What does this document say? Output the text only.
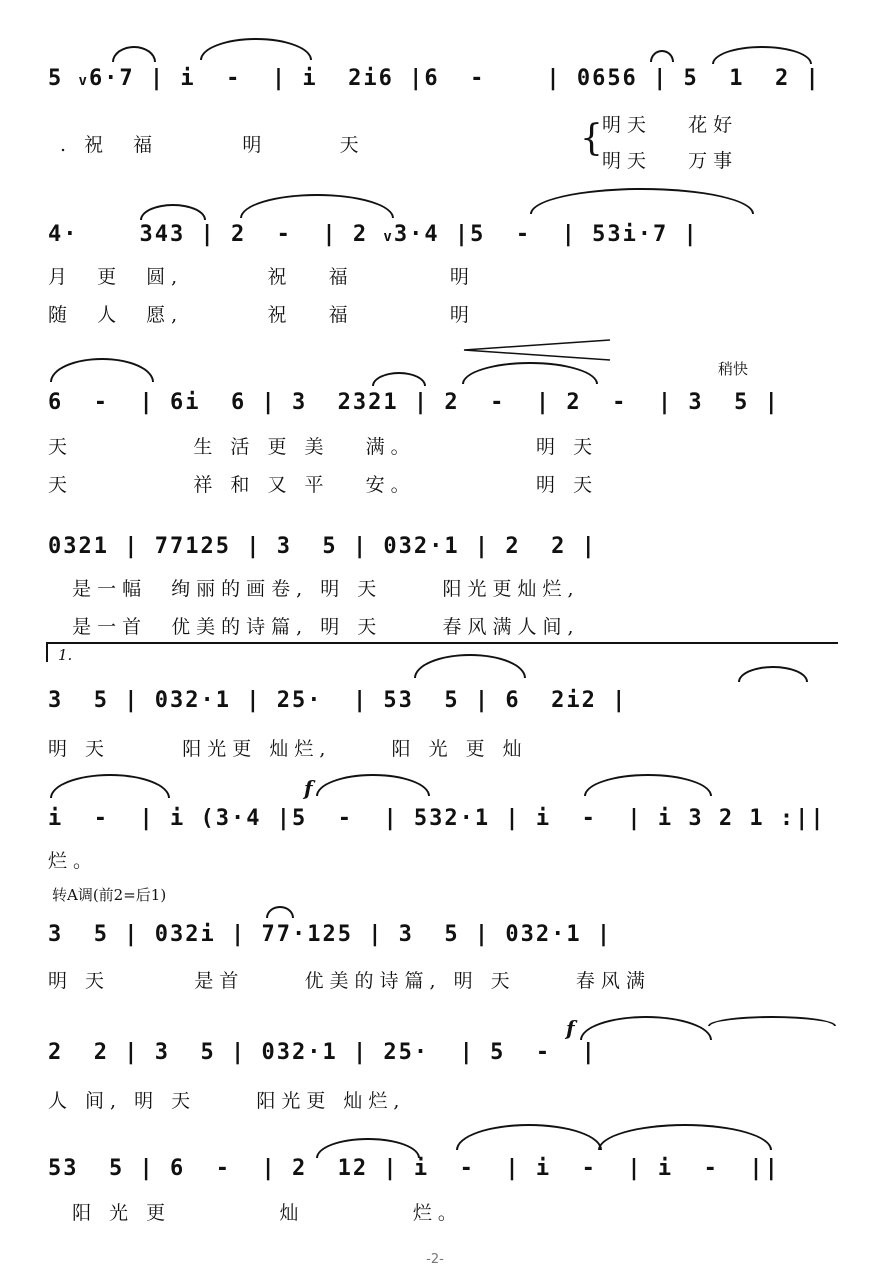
5 v6·7 | i  -  | i  2i6 |6  -    | 0656 | 5  1  2 |
. 祝  福       明      天	{ 明天   花好
明天   万事
4·    343 | 2  -  | 2 v3·4 |5  -  | 53i·7 |
月  更  圆,       祝   福        明
随  人  愿,       祝   福        明
稍快
6  -  | 6i  6 | 3  2321 | 2  -  | 2  -  | 3  5 |
天          生 活 更 美   满。          明 天
天          祥 和 又 平   安。          明 天
0321 | 77125 | 3  5 | 032·1 | 2  2 |
是一幅  绚丽的画卷, 明 天     阳光更灿烂,
是一首  优美的诗篇, 明 天     春风满人间,
1.
3  5 | 032·1 | 25·  | 53  5 | 6  2i2 |
明 天      阳光更 灿烂,     阳 光 更 灿
f
i  -  | i (3·4 |5  -  | 532·1 | i  -  | i 3 2 1 :||
烂。
转A调(前2=后1)
3  5 | 032i | 77·125 | 3  5 | 032·1 |
明 天       是首     优美的诗篇, 明 天     春风满
f
2  2 | 3  5 | 032·1 | 25·  | 5  -  |
人 间, 明 天     阳光更 灿烂,
53  5 | 6  -  | 2  12 | i  -  | i  -  | i  -  ||
阳 光 更         灿         烂。
-2-
